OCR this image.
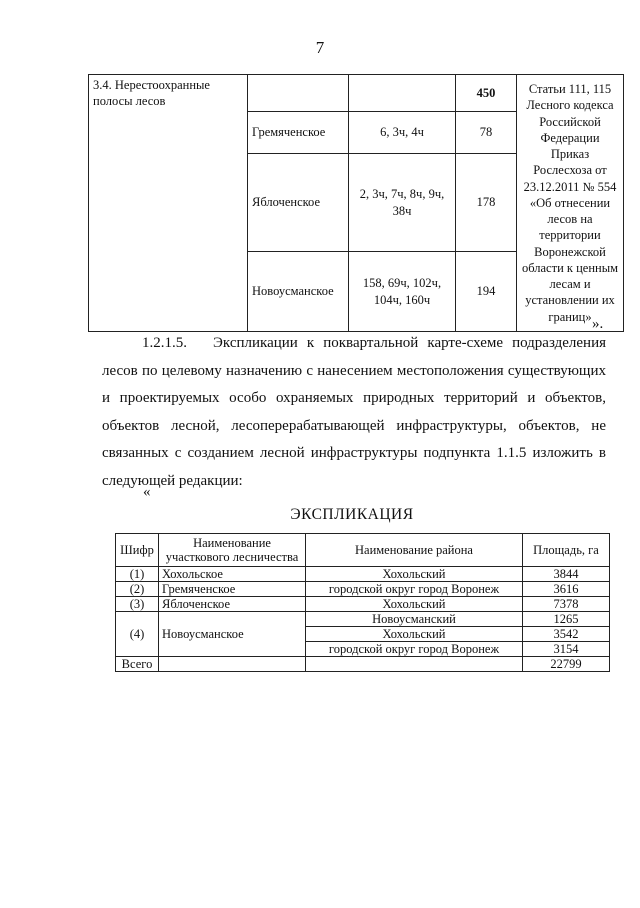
7
3.4. Нерестоохранные полосы лесов			450	Статьи 111, 115 Лесного кодекса Российской Федерации Приказ Рослесхоза от 23.12.2011 № 554 «Об отнесении лесов на территории Воронежской области к ценным лесам и установлении их границ»
	Гремяченское	6, 3ч, 4ч	78	
	Яблоченское	2, 3ч, 7ч, 8ч, 9ч, 38ч	178	
	Новоусманское	158, 69ч, 102ч, 104ч, 160ч	194	
».
1.2.1.5. Экспликации к поквартальной карте-схеме подразделения лесов по целевому назначению с нанесением местоположения существующих и проектируемых особо охраняемых природных территорий и объектов, объектов лесной, лесоперерабатывающей инфраструктуры, объектов, не связанных с созданием лесной инфраструктуры подпункта 1.1.5 изложить в следующей редакции:
«
ЭКСПЛИКАЦИЯ
Шифр	Наименование участкового лесничества	Наименование района	Площадь, га
(1)	Хохольское	Хохольский	3844
(2)	Гремяченское	городской округ город Воронеж	3616
(3)	Яблоченское	Хохольский	7378
(4)	Новоусманское	Новоусманский	1265
		Хохольский	3542
		городской округ город Воронеж	3154
Всего			22799
